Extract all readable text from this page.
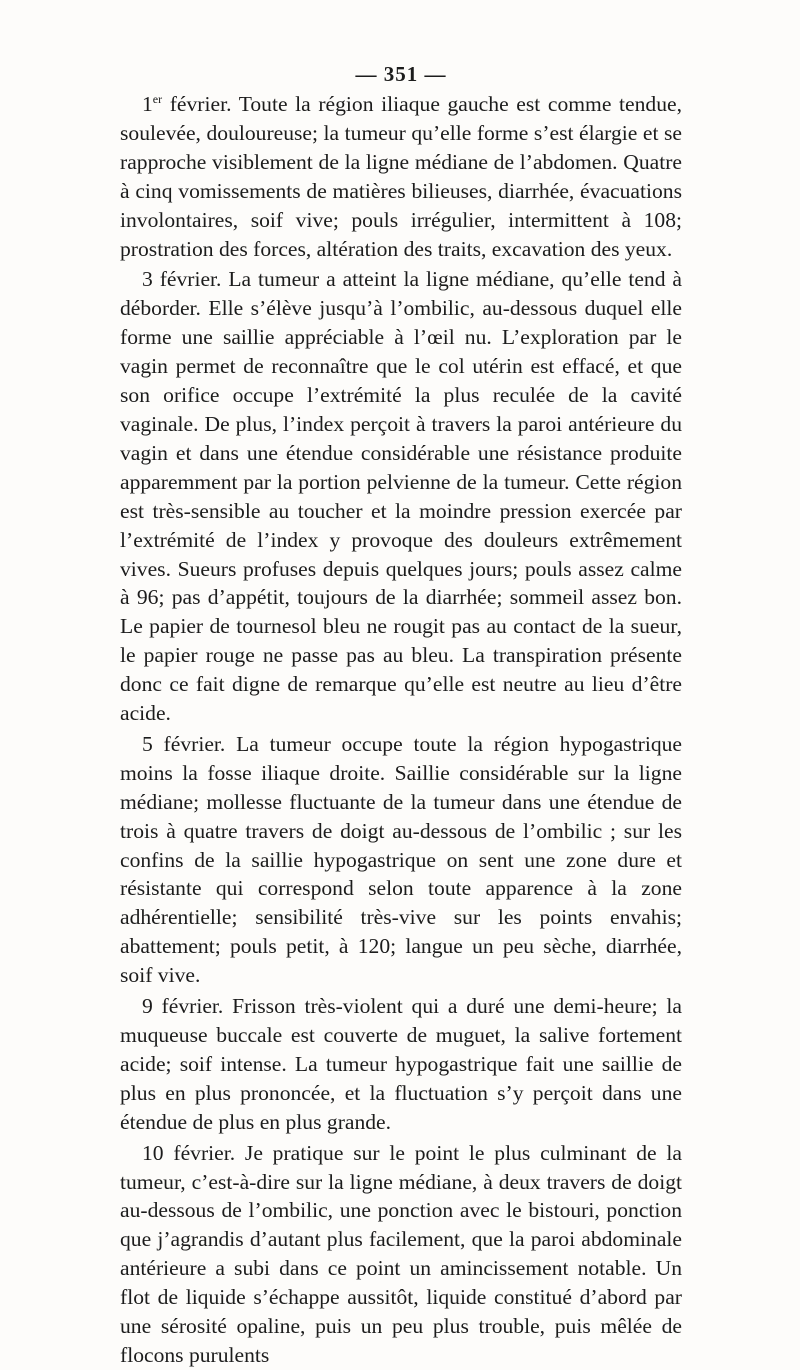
— 351 —

1er février. Toute la région iliaque gauche est comme tendue, soulevée, douloureuse; la tumeur qu’elle forme s’est élargie et se rapproche visiblement de la ligne médiane de l’abdomen. Quatre à cinq vomissements de matières bilieuses, diarrhée, évacuations involontaires, soif vive; pouls irrégulier, intermittent à 108; prostration des forces, altération des traits, excavation des yeux.

3 février. La tumeur a atteint la ligne médiane, qu’elle tend à déborder. Elle s’élève jusqu’à l’ombilic, au-dessous duquel elle forme une saillie appréciable à l’œil nu. L’exploration par le vagin permet de reconnaître que le col utérin est effacé, et que son orifice occupe l’extrémité la plus reculée de la cavité vaginale. De plus, l’index perçoit à travers la paroi antérieure du vagin et dans une étendue considérable une résistance produite apparemment par la portion pelvienne de la tumeur. Cette région est très-sensible au toucher et la moindre pression exercée par l’extrémité de l’index y provoque des douleurs extrêmement vives. Sueurs profuses depuis quelques jours; pouls assez calme à 96; pas d’appétit, toujours de la diarrhée; sommeil assez bon. Le papier de tournesol bleu ne rougit pas au contact de la sueur, le papier rouge ne passe pas au bleu. La transpiration présente donc ce fait digne de remarque qu’elle est neutre au lieu d’être acide.

5 février. La tumeur occupe toute la région hypogastrique moins la fosse iliaque droite. Saillie considérable sur la ligne médiane; mollesse fluctuante de la tumeur dans une étendue de trois à quatre travers de doigt au-dessous de l’ombilic ; sur les confins de la saillie hypogastrique on sent une zone dure et résistante qui correspond selon toute apparence à la zone adhérentielle; sensibilité très-vive sur les points envahis; abattement; pouls petit, à 120; langue un peu sèche, diarrhée, soif vive.

9 février. Frisson très-violent qui a duré une demi-heure; la muqueuse buccale est couverte de muguet, la salive fortement acide; soif intense. La tumeur hypogastrique fait une saillie de plus en plus prononcée, et la fluctuation s’y perçoit dans une étendue de plus en plus grande.

10 février. Je pratique sur le point le plus culminant de la tumeur, c’est-à-dire sur la ligne médiane, à deux travers de doigt au-dessous de l’ombilic, une ponction avec le bistouri, ponction que j’agrandis d’autant plus facilement, que la paroi abdominale antérieure a subi dans ce point un amincissement notable. Un flot de liquide s’échappe aussitôt, liquide constitué d’abord par une sérosité opaline, puis un peu plus trouble, puis mêlée de flocons purulents
